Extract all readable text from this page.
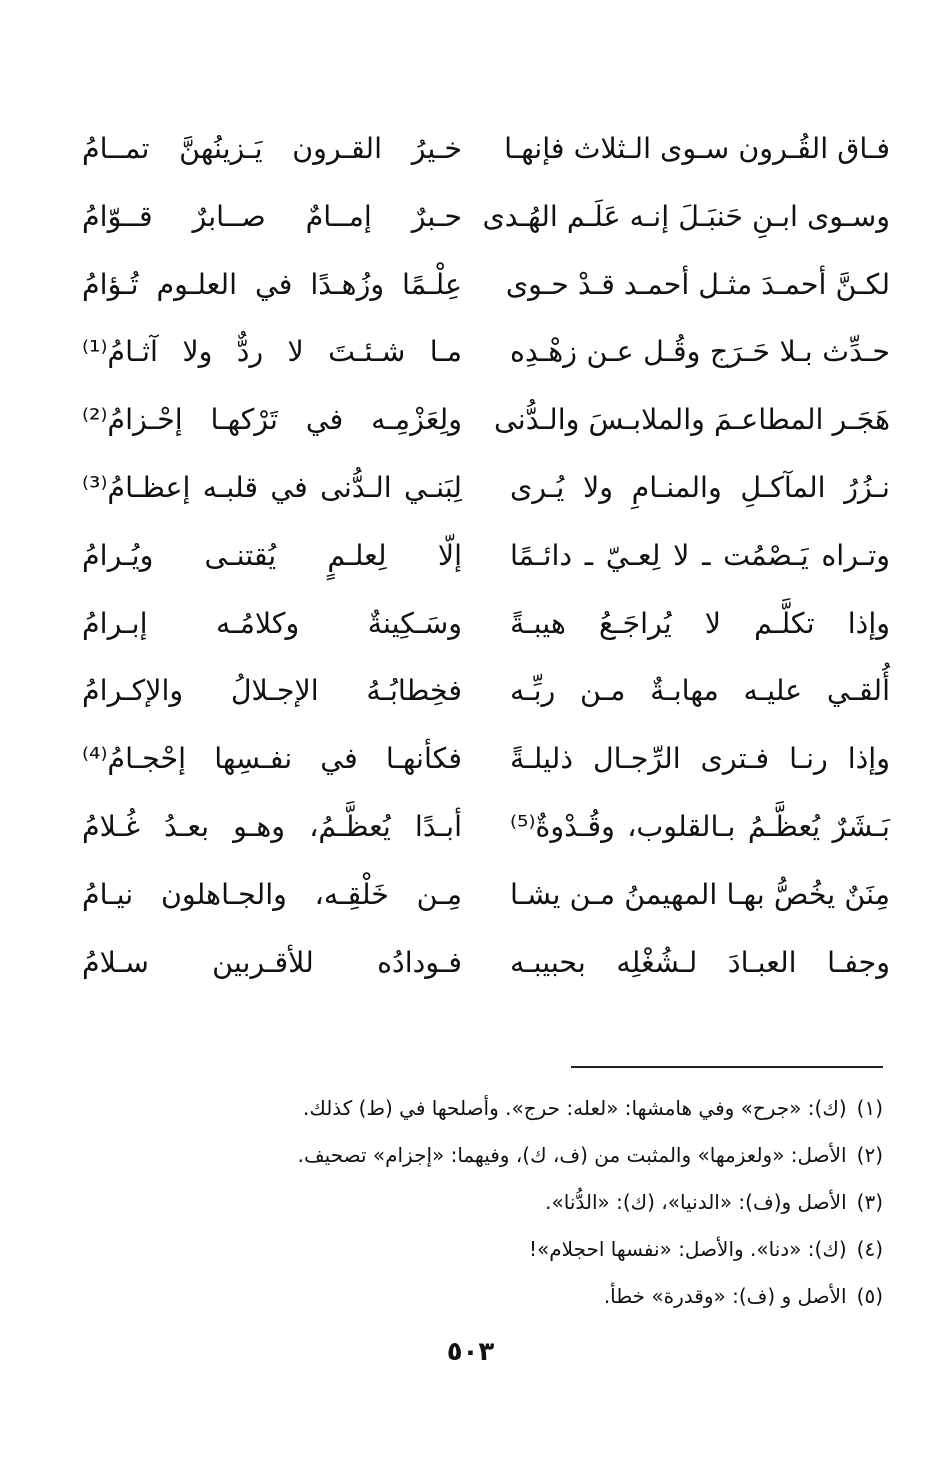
فـاق القُـرون سـوى الـثلاث فإنهـا
خـيرُ القـرون يَـزينُهنَّ تمــامُ
وسـوى ابـنِ حَنبَـلَ إنـه عَلَـم الهُـدى
حـبرٌ إمــامٌ صــابرٌ قــوّامُ
لكـنَّ أحمـدَ مثـل أحمـد قـدْ حـوى
عِلْـمًا وزُهـدًا في العلـوم تُـؤامُ
حـدِّث بـلا حَـرَج وقُـل عـن زهْـدِه
مـا شـئـتَ لا ردٌّ ولا آثـامُ⁽¹⁾
هَجَـر المطاعـمَ والملابـسَ والـدُّنى
ولِعَزْمِـه في تَرْكهـا إحْـزامُ⁽²⁾
نـزُرُ المآكـلِ والمنـامِ ولا يُـرى
لِبَنـي الـدُّنى في قلبـه إعظـامُ⁽³⁾
وتـراه يَـصْمُت ـ لا لِعـيّ ـ دائـمًا
إلّا لِعلـمٍ يُقتنـى ويُـرامُ
وإذا تكلَّـم لا يُراجَـعُ هيبـةً
وسَـكِينةٌ وكلامُـه إبـرامُ
أُلقـي عليـه مهابـةٌ مـن ربِّـه
فخِطابُـهُ الإجـلالُ والإكـرامُ
وإذا رنـا فـترى الرِّجـال ذليلـةً
فكأنهـا في نفـسِها إحْجـامُ⁽⁴⁾
بَـشَرٌ يُعظَّـمُ بـالقلوب، وقُـدْوةٌ⁽⁵⁾
أبـدًا يُعظَّـمُ، وهـو بعـدُ غُـلامُ
مِنَنٌ يخُصُّ بهـا المهيمنُ مـن يشـا
مِـن خَلْقِـه، والجـاهلون نيـامُ
وجفـا العبـادَ لـشُغْلِه بحبيبـه
فـودادُه للأقـربين سـلامُ
(١)(ك): «جرح» وفي هامشها: «لعله: حرج». وأصلحها في (ط) كذلك.
(٢)الأصل: «ولعزمها» والمثبت من (ف، ك)، وفيهما: «إجزام» تصحيف.
(٣)الأصل و(ف): «الدنيا»، (ك): «الدُّنا».
(٤)(ك): «دنا». والأصل: «نفسها احجلام»!
(٥)الأصل و (ف): «وقدرة» خطأ.
٥٠٣
